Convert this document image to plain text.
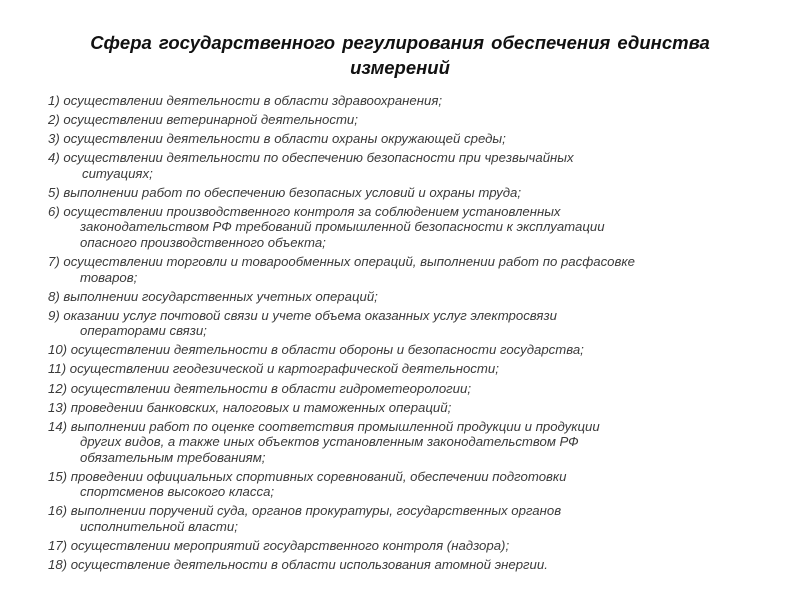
Сфера государственного регулирования обеспечения единства
измерений
1) осуществлении деятельности в области здравоохранения;
2) осуществлении ветеринарной деятельности;
3) осуществлении деятельности в области охраны окружающей среды;
4) осуществлении деятельности по обеспечению безопасности при чрезвычайных
ситуациях;
5) выполнении работ по обеспечению безопасных условий и охраны труда;
6) осуществлении производственного контроля за соблюдением установленных
законодательством РФ требований промышленной безопасности к эксплуатации
опасного производственного объекта;
7) осуществлении торговли и товарообменных операций, выполнении работ по расфасовке
товаров;
8) выполнении государственных учетных операций;
9) оказании услуг почтовой связи и учете объема оказанных услуг электросвязи
операторами связи;
10) осуществлении деятельности в области обороны и безопасности государства;
11) осуществлении геодезической и картографической деятельности;
12) осуществлении деятельности в области гидрометеорологии;
13) проведении банковских, налоговых и таможенных операций;
14) выполнении работ по оценке соответствия промышленной продукции и продукции
других видов, а также иных объектов установленным законодательством РФ
обязательным требованиям;
15) проведении официальных спортивных соревнований, обеспечении подготовки
спортсменов высокого класса;
16) выполнении поручений суда, органов прокуратуры, государственных органов
исполнительной власти;
17) осуществлении мероприятий государственного контроля (надзора);
18) осуществление деятельности в области использования атомной энергии.
